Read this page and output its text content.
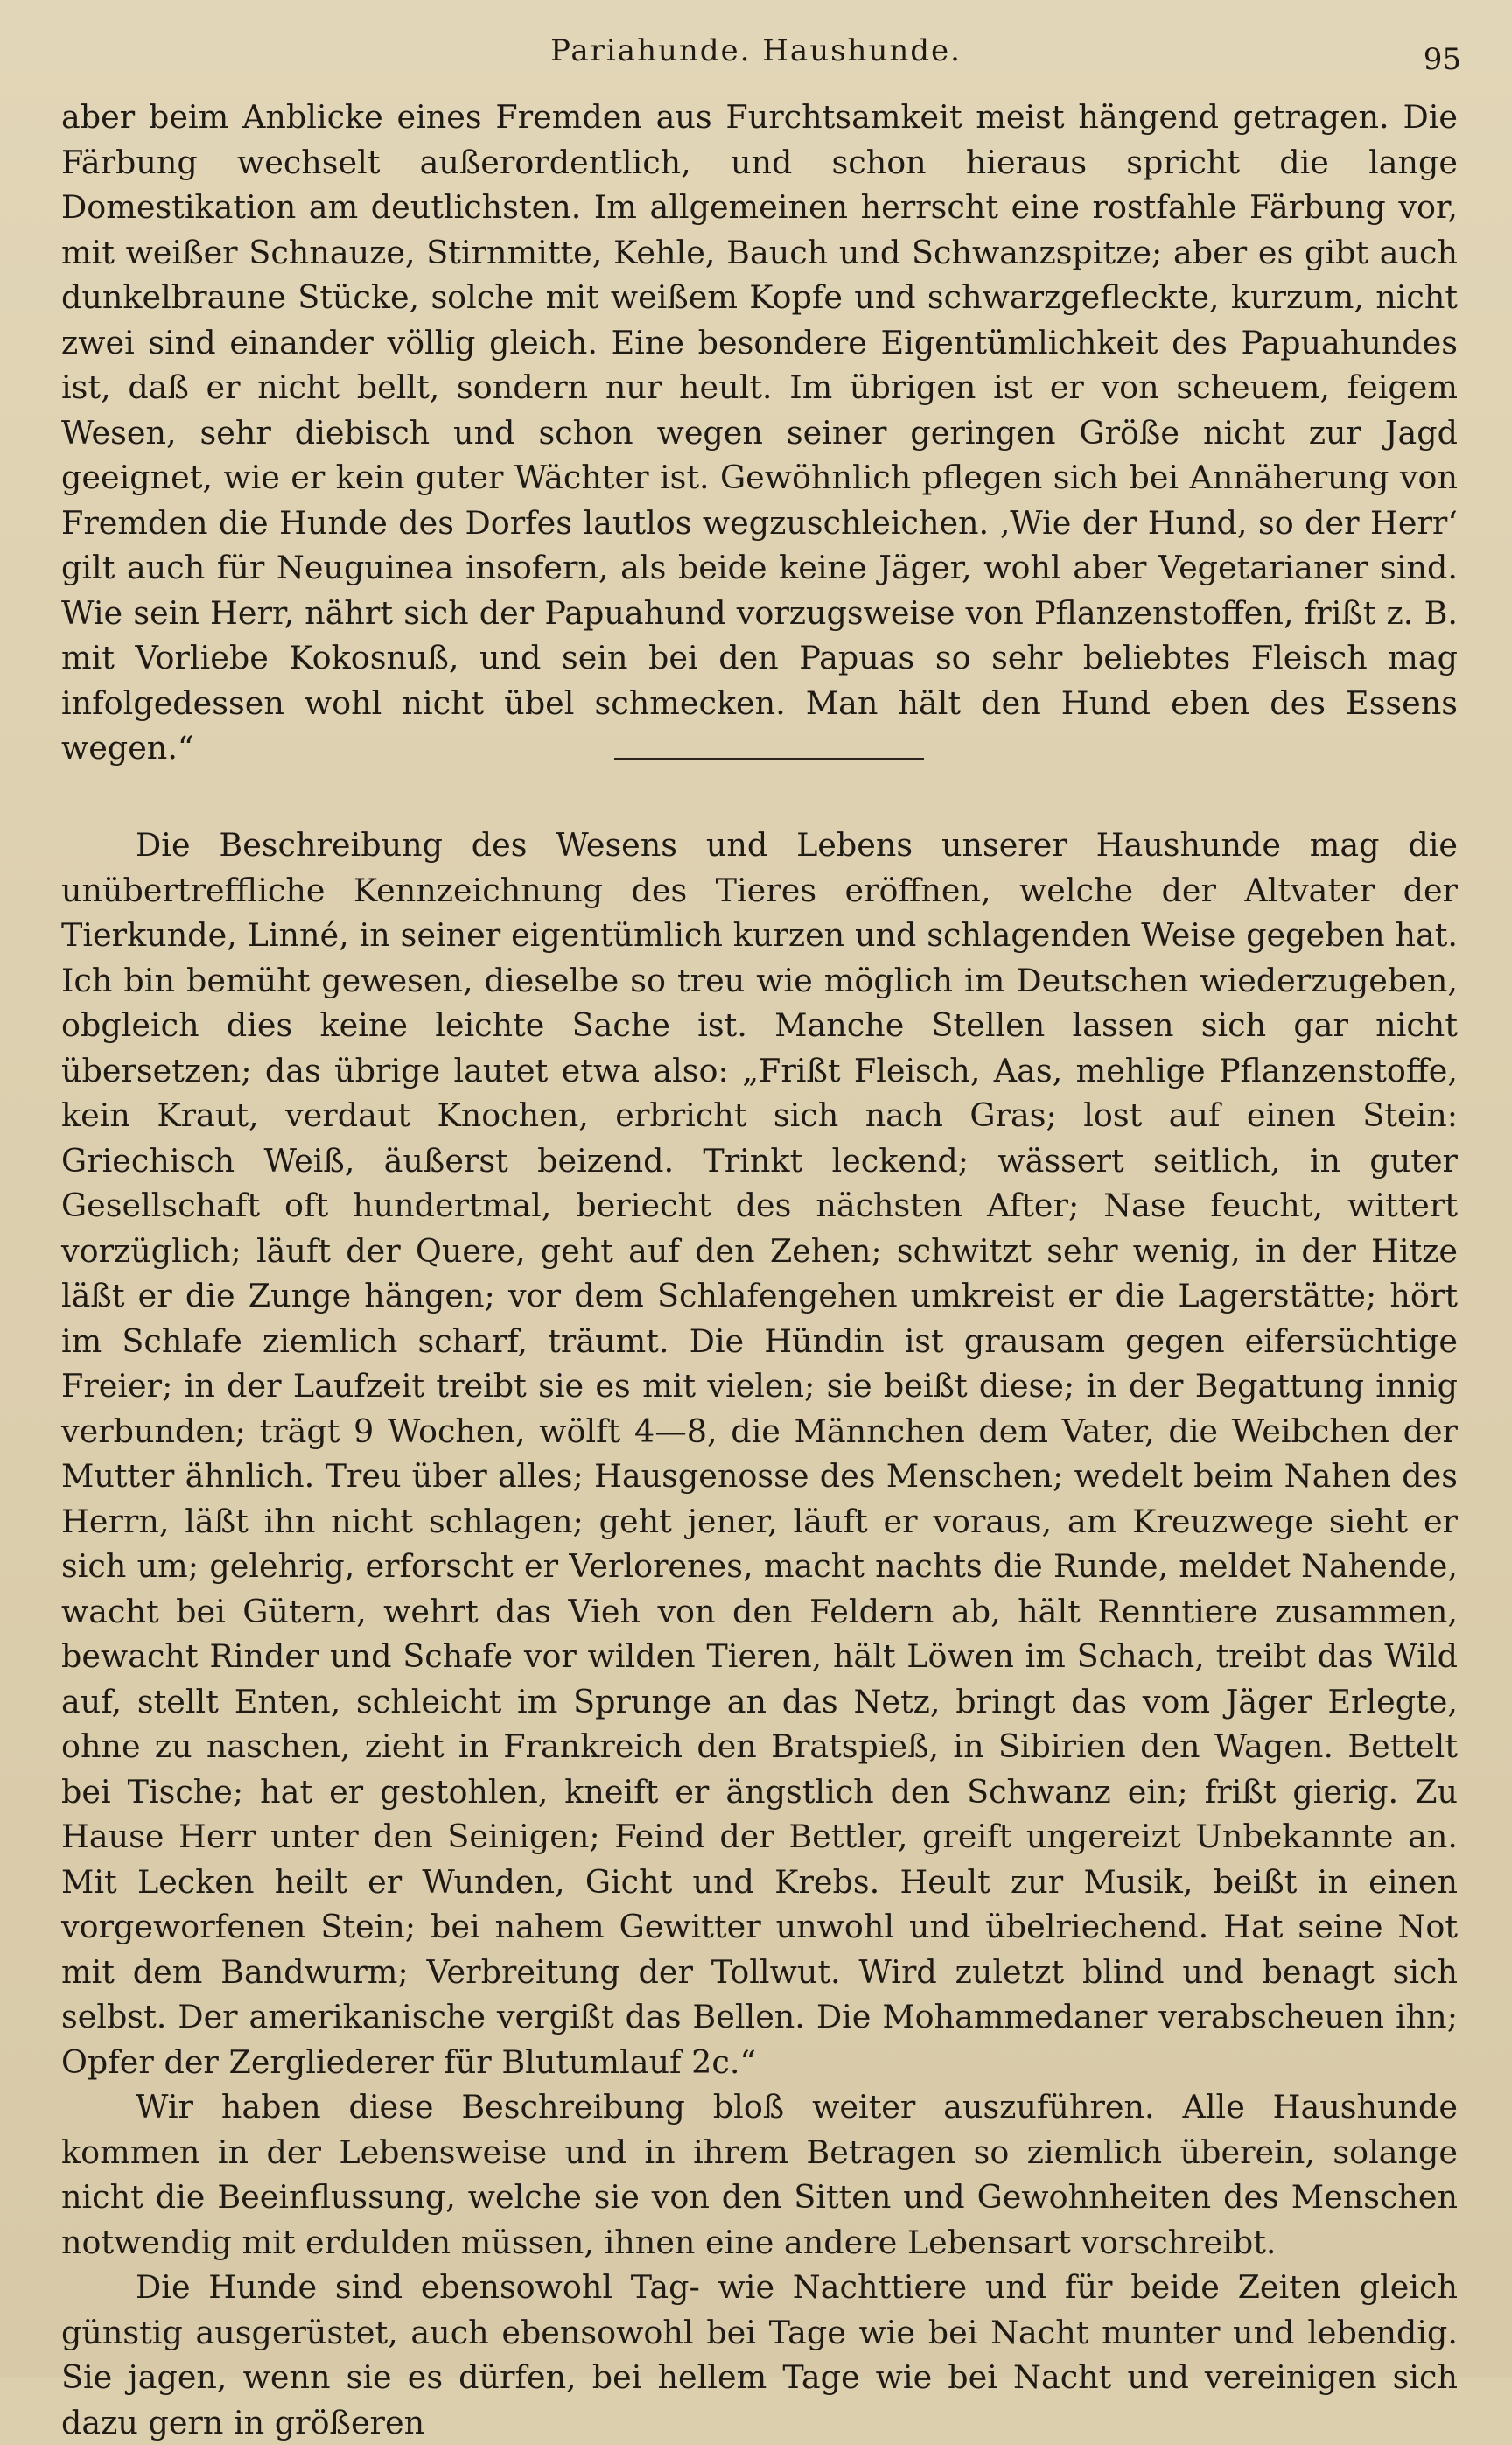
Pariahunde. Haushunde.	95

aber beim Anblicke eines Fremden aus Furchtsamkeit meist hängend getragen. Die Färbung wechselt außerordentlich, und schon hieraus spricht die lange Domestikation am deutlichsten. Im allgemeinen herrscht eine rostfahle Färbung vor, mit weißer Schnauze, Stirnmitte, Kehle, Bauch und Schwanzspitze; aber es gibt auch dunkelbraune Stücke, solche mit weißem Kopfe und schwarzgefleckte, kurzum, nicht zwei sind einander völlig gleich. Eine besondere Eigentümlichkeit des Papuahundes ist, daß er nicht bellt, sondern nur heult. Im übrigen ist er von scheuem, feigem Wesen, sehr diebisch und schon wegen seiner geringen Größe nicht zur Jagd geeignet, wie er kein guter Wächter ist. Gewöhnlich pflegen sich bei Annäherung von Fremden die Hunde des Dorfes lautlos wegzuschleichen. ‚Wie der Hund, so der Herr‘ gilt auch für Neuguinea insofern, als beide keine Jäger, wohl aber Vegetarianer sind. Wie sein Herr, nährt sich der Papuahund vorzugsweise von Pflanzenstoffen, frißt z. B. mit Vorliebe Kokosnuß, und sein bei den Papuas so sehr beliebtes Fleisch mag infolgedessen wohl nicht übel schmecken. Man hält den Hund eben des Essens wegen.“

Die Beschreibung des Wesens und Lebens unserer Haushunde mag die unübertreffliche Kennzeichnung des Tieres eröffnen, welche der Altvater der Tierkunde, Linné, in seiner eigentümlich kurzen und schlagenden Weise gegeben hat. Ich bin bemüht gewesen, dieselbe so treu wie möglich im Deutschen wiederzugeben, obgleich dies keine leichte Sache ist. Manche Stellen lassen sich gar nicht übersetzen; das übrige lautet etwa also: „Frißt Fleisch, Aas, mehlige Pflanzenstoffe, kein Kraut, verdaut Knochen, erbricht sich nach Gras; lost auf einen Stein: Griechisch Weiß, äußerst beizend. Trinkt leckend; wässert seitlich, in guter Gesellschaft oft hundertmal, beriecht des nächsten After; Nase feucht, wittert vorzüglich; läuft der Quere, geht auf den Zehen; schwitzt sehr wenig, in der Hitze läßt er die Zunge hängen; vor dem Schlafengehen umkreist er die Lagerstätte; hört im Schlafe ziemlich scharf, träumt. Die Hündin ist grausam gegen eifersüchtige Freier; in der Laufzeit treibt sie es mit vielen; sie beißt diese; in der Begattung innig verbunden; trägt 9 Wochen, wölft 4—8, die Männchen dem Vater, die Weibchen der Mutter ähnlich. Treu über alles; Hausgenosse des Menschen; wedelt beim Nahen des Herrn, läßt ihn nicht schlagen; geht jener, läuft er voraus, am Kreuzwege sieht er sich um; gelehrig, erforscht er Verlorenes, macht nachts die Runde, meldet Nahende, wacht bei Gütern, wehrt das Vieh von den Feldern ab, hält Renntiere zusammen, bewacht Rinder und Schafe vor wilden Tieren, hält Löwen im Schach, treibt das Wild auf, stellt Enten, schleicht im Sprunge an das Netz, bringt das vom Jäger Erlegte, ohne zu naschen, zieht in Frankreich den Bratspieß, in Sibirien den Wagen. Bettelt bei Tische; hat er gestohlen, kneift er ängstlich den Schwanz ein; frißt gierig. Zu Hause Herr unter den Seinigen; Feind der Bettler, greift ungereizt Unbekannte an. Mit Lecken heilt er Wunden, Gicht und Krebs. Heult zur Musik, beißt in einen vorgeworfenen Stein; bei nahem Gewitter unwohl und übelriechend. Hat seine Not mit dem Bandwurm; Verbreitung der Tollwut. Wird zuletzt blind und benagt sich selbst. Der amerikanische vergißt das Bellen. Die Mohammedaner verabscheuen ihn; Opfer der Zergliederer für Blutumlauf 2c.“

Wir haben diese Beschreibung bloß weiter auszuführen. Alle Haushunde kommen in der Lebensweise und in ihrem Betragen so ziemlich überein, solange nicht die Beeinflussung, welche sie von den Sitten und Gewohnheiten des Menschen notwendig mit erdulden müssen, ihnen eine andere Lebensart vorschreibt.

Die Hunde sind ebensowohl Tag- wie Nachttiere und für beide Zeiten gleich günstig ausgerüstet, auch ebensowohl bei Tage wie bei Nacht munter und lebendig. Sie jagen, wenn sie es dürfen, bei hellem Tage wie bei Nacht und vereinigen sich dazu gern in größeren
